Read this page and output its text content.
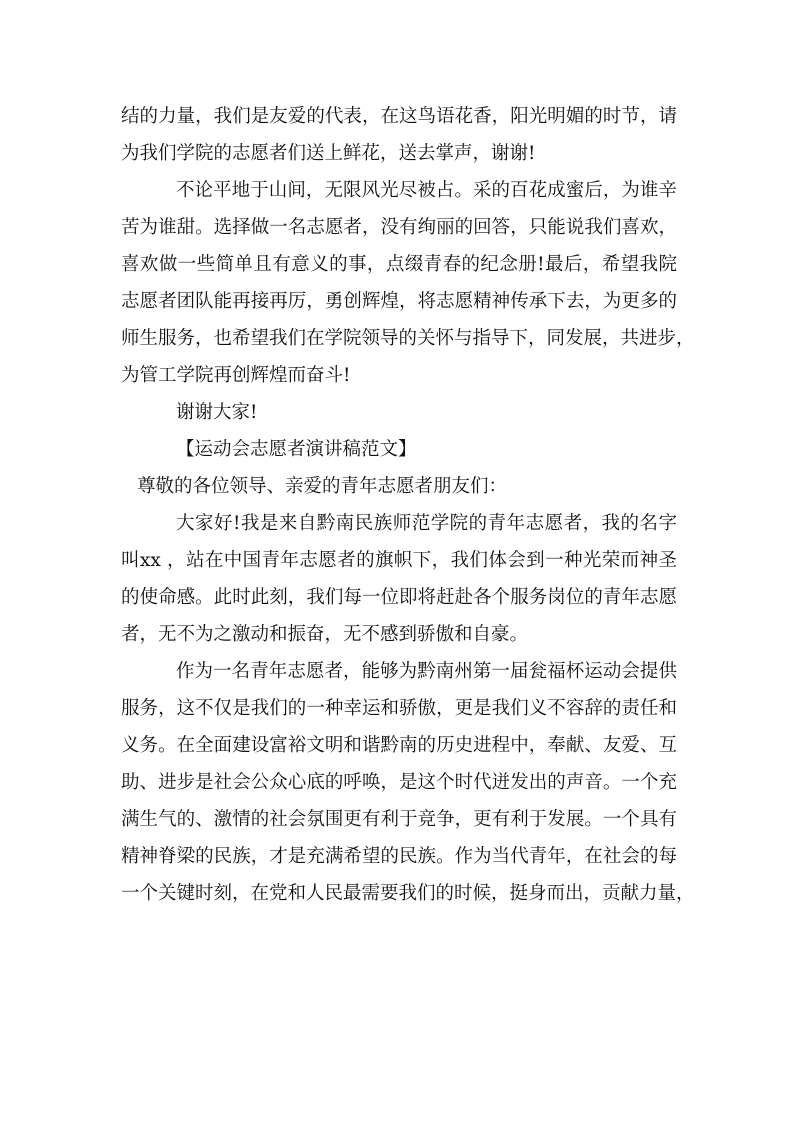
结的力量，我们是友爱的代表，在这鸟语花香，阳光明媚的时节，请
为我们学院的志愿者们送上鲜花，送去掌声，谢谢!
不论平地于山间，无限风光尽被占。采的百花成蜜后，为谁辛
苦为谁甜。选择做一名志愿者，没有绚丽的回答，只能说我们喜欢，
喜欢做一些简单且有意义的事，点缀青春的纪念册!最后，希望我院
志愿者团队能再接再厉，勇创辉煌，将志愿精神传承下去，为更多的
师生服务，也希望我们在学院领导的关怀与指导下，同发展，共进步，
为管工学院再创辉煌而奋斗!
谢谢大家!
【运动会志愿者演讲稿范文】
尊敬的各位领导、亲爱的青年志愿者朋友们：
大家好!我是来自黔南民族师范学院的青年志愿者，我的名字
叫xx ，站在中国青年志愿者的旗帜下，我们体会到一种光荣而神圣
的使命感。此时此刻，我们每一位即将赶赴各个服务岗位的青年志愿
者，无不为之激动和振奋，无不感到骄傲和自豪。
作为一名青年志愿者，能够为黔南州第一届瓮福杯运动会提供
服务，这不仅是我们的一种幸运和骄傲，更是我们义不容辞的责任和
义务。在全面建设富裕文明和谐黔南的历史进程中，奉献、友爱、互
助、进步是社会公众心底的呼唤，是这个时代迸发出的声音。一个充
满生气的、激情的社会氛围更有利于竞争，更有利于发展。一个具有
精神脊梁的民族，才是充满希望的民族。作为当代青年，在社会的每
一个关键时刻，在党和人民最需要我们的时候，挺身而出，贡献力量，
